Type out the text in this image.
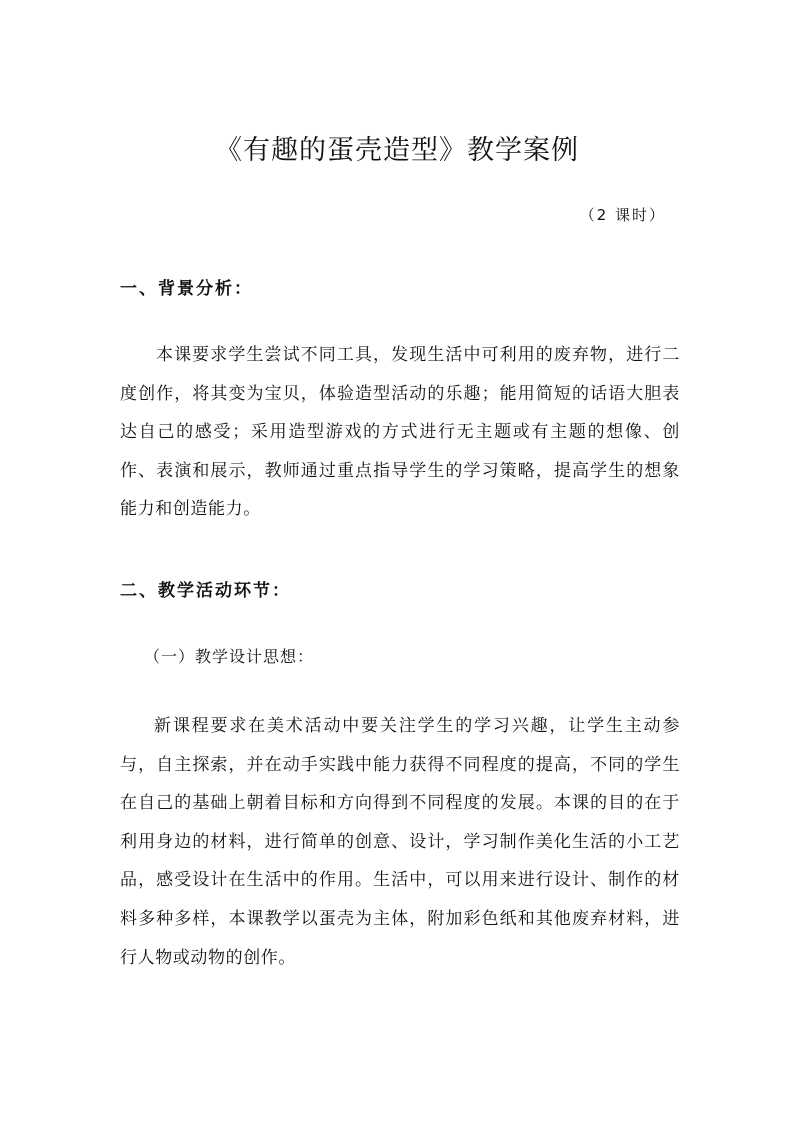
《有趣的蛋壳造型》教学案例
（2 课时）
一、背景分析：
本课要求学生尝试不同工具，发现生活中可利用的废弃物，进行二度创作，将其变为宝贝，体验造型活动的乐趣；能用简短的话语大胆表达自己的感受；采用造型游戏的方式进行无主题或有主题的想像、创作、表演和展示，教师通过重点指导学生的学习策略，提高学生的想象能力和创造能力。
二、教学活动环节：
（一）教学设计思想：
新课程要求在美术活动中要关注学生的学习兴趣，让学生主动参与，自主探索，并在动手实践中能力获得不同程度的提高，不同的学生在自己的基础上朝着目标和方向得到不同程度的发展。本课的目的在于利用身边的材料，进行简单的创意、设计，学习制作美化生活的小工艺品，感受设计在生活中的作用。生活中，可以用来进行设计、制作的材料多种多样，本课教学以蛋壳为主体，附加彩色纸和其他废弃材料，进行人物或动物的创作。
